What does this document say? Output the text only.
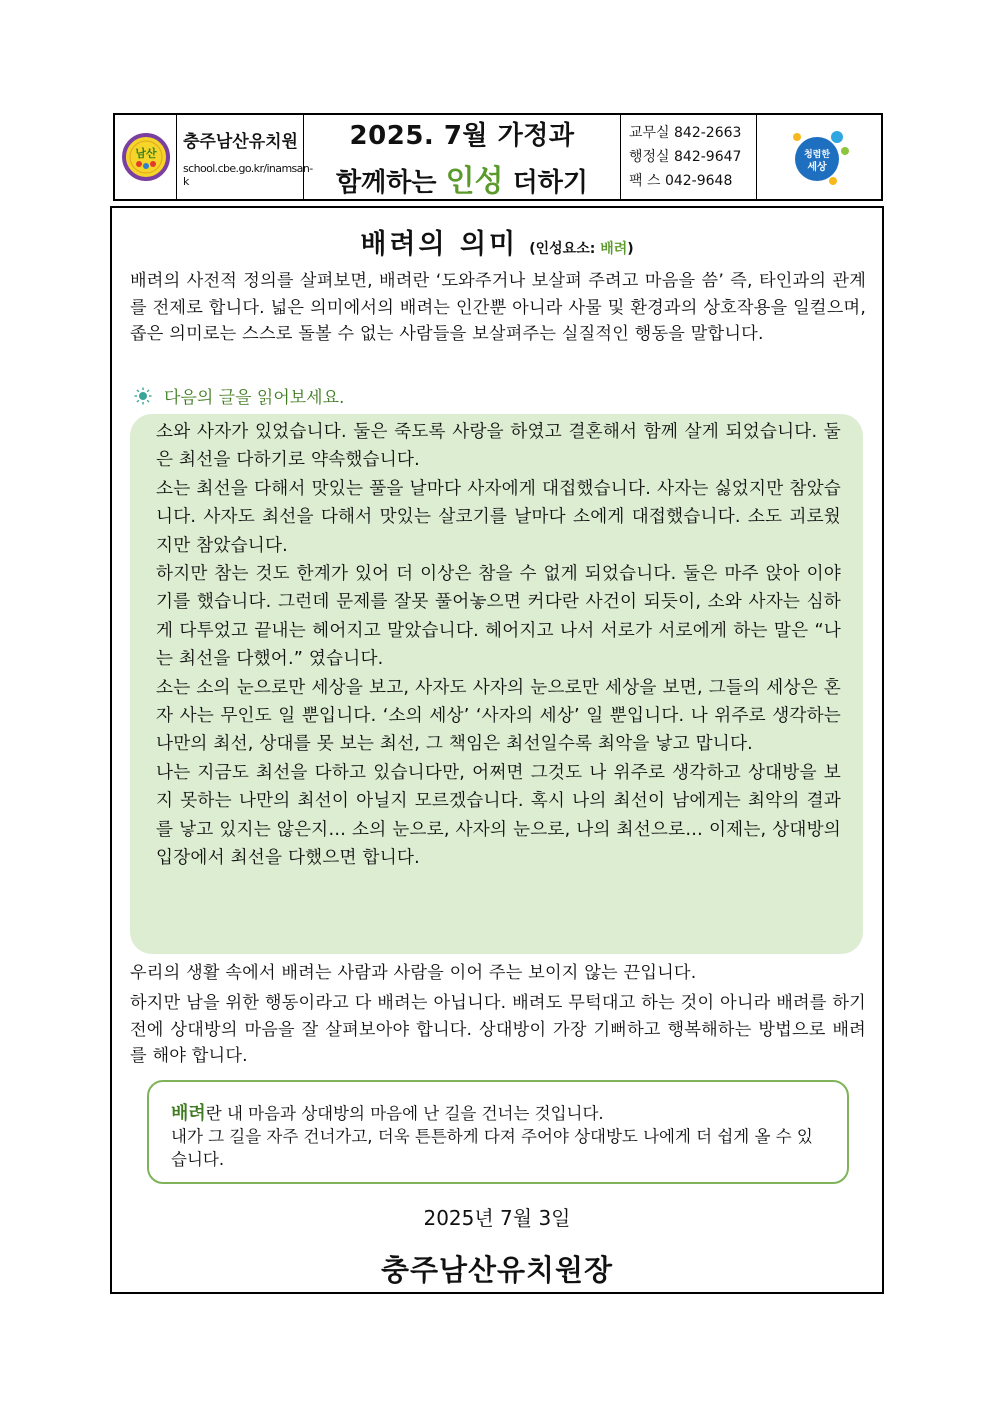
남산
충주남산유치원
school.cbe.go.kr/inamsan-k
2025. 7월 가정과
함께하는 인성 더하기
교무실 842-2663
행정실 842-9647
팩 스 042-9648
청렴한
세상
배려의 의미 (인성요소: 배려)
배려의 사전적 정의를 살펴보면, 배려란 ‘도와주거나 보살펴 주려고 마음을 씀’ 즉, 타인과의 관계를 전제로 합니다. 넓은 의미에서의 배려는 인간뿐 아니라 사물 및 환경과의 상호작용을 일컬으며, 좁은 의미로는 스스로 돌볼 수 없는 사람들을 보살펴주는 실질적인 행동을 말합니다.
다음의 글을 읽어보세요.

소와 사자가 있었습니다. 둘은 죽도록 사랑을 하였고 결혼해서 함께 살게 되었습니다. 둘은 최선을 다하기로 약속했습니다.

소는 최선을 다해서 맛있는 풀을 날마다 사자에게 대접했습니다. 사자는 싫었지만 참았습니다. 사자도 최선을 다해서 맛있는 살코기를 날마다 소에게 대접했습니다. 소도 괴로웠지만 참았습니다.

하지만 참는 것도 한계가 있어 더 이상은 참을 수 없게 되었습니다. 둘은 마주 앉아 이야기를 했습니다. 그런데 문제를 잘못 풀어놓으면 커다란 사건이 되듯이, 소와 사자는 심하게 다투었고 끝내는 헤어지고 말았습니다. 헤어지고 나서 서로가 서로에게 하는 말은 “나는 최선을 다했어.” 였습니다.

소는 소의 눈으로만 세상을 보고, 사자도 사자의 눈으로만 세상을 보면, 그들의 세상은 혼자 사는 무인도 일 뿐입니다. ‘소의 세상’ ‘사자의 세상’ 일 뿐입니다. 나 위주로 생각하는 나만의 최선, 상대를 못 보는 최선, 그 책임은 최선일수록 최악을 낳고 맙니다.

나는 지금도 최선을 다하고 있습니다만, 어쩌면 그것도 나 위주로 생각하고 상대방을 보지 못하는 나만의 최선이 아닐지 모르겠습니다. 혹시 나의 최선이 남에게는 최악의 결과를 낳고 있지는 않은지… 소의 눈으로, 사자의 눈으로, 나의 최선으로… 이제는, 상대방의 입장에서 최선을 다했으면 합니다.

우리의 생활 속에서 배려는 사람과 사람을 이어 주는 보이지 않는 끈입니다.
하지만 남을 위한 행동이라고 다 배려는 아닙니다. 배려도 무턱대고 하는 것이 아니라 배려를 하기 전에 상대방의 마음을 잘 살펴보아야 합니다. 상대방이 가장 기뻐하고 행복해하는 방법으로 배려를 해야 합니다.
배려란 내 마음과 상대방의 마음에 난 길을 건너는 것입니다.
내가 그 길을 자주 건너가고, 더욱 튼튼하게 다져 주어야 상대방도 나에게 더 쉽게 올 수 있습니다.
2025년 7월 3일
충주남산유치원장
